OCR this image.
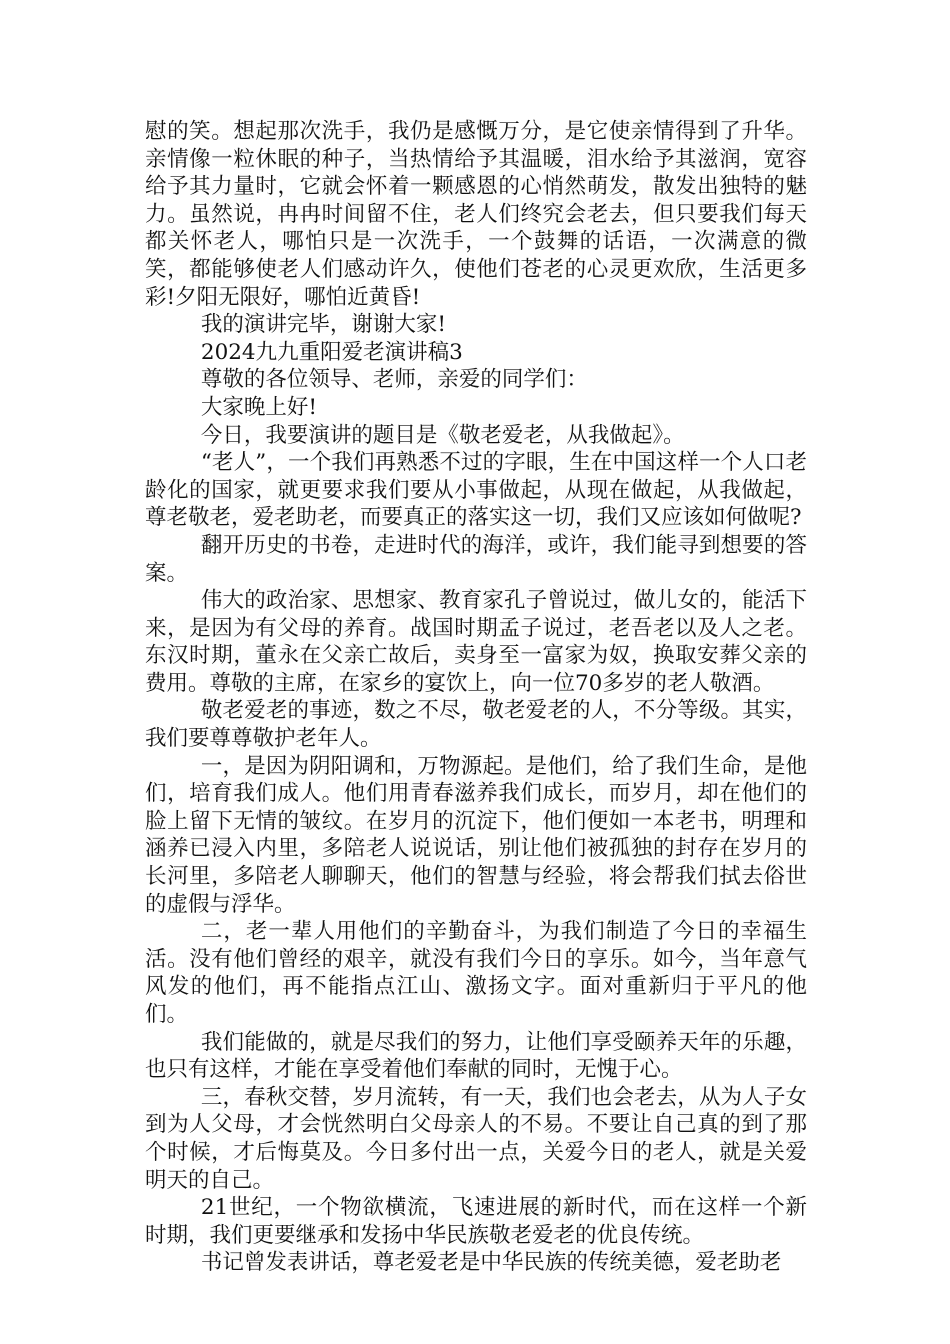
慰的笑。想起那次洗手，我仍是感慨万分，是它使亲情得到了升华。亲情像一粒休眠的种子，当热情给予其温暖，泪水给予其滋润，宽容给予其力量时，它就会怀着一颗感恩的心悄然萌发，散发出独特的魅力。虽然说，冉冉时间留不住，老人们终究会老去，但只要我们每天都关怀老人，哪怕只是一次洗手，一个鼓舞的话语，一次满意的微笑，都能够使老人们感动许久，使他们苍老的心灵更欢欣，生活更多彩!夕阳无限好，哪怕近黄昏!

我的演讲完毕，谢谢大家!

2024九九重阳爱老演讲稿3

尊敬的各位领导、老师，亲爱的同学们：

大家晚上好!

今日，我要演讲的题目是《敬老爱老，从我做起》。

“老人”，一个我们再熟悉不过的字眼，生在中国这样一个人口老龄化的国家，就更要求我们要从小事做起，从现在做起，从我做起，尊老敬老，爱老助老，而要真正的落实这一切，我们又应该如何做呢?

翻开历史的书卷，走进时代的海洋，或许，我们能寻到想要的答案。

伟大的政治家、思想家、教育家孔子曾说过，做儿女的，能活下来，是因为有父母的养育。战国时期孟子说过，老吾老以及人之老。东汉时期，董永在父亲亡故后，卖身至一富家为奴，换取安葬父亲的费用。尊敬的主席，在家乡的宴饮上，向一位70多岁的老人敬酒。

敬老爱老的事迹，数之不尽，敬老爱老的人，不分等级。其实，我们要尊尊敬护老年人。

一，是因为阴阳调和，万物源起。是他们，给了我们生命，是他们，培育我们成人。他们用青春滋养我们成长，而岁月，却在他们的脸上留下无情的皱纹。在岁月的沉淀下，他们便如一本老书，明理和涵养已浸入内里，多陪老人说说话，别让他们被孤独的封存在岁月的长河里，多陪老人聊聊天，他们的智慧与经验，将会帮我们拭去俗世的虚假与浮华。

二，老一辈人用他们的辛勤奋斗，为我们制造了今日的幸福生活。没有他们曾经的艰辛，就没有我们今日的享乐。如今，当年意气风发的他们，再不能指点江山、激扬文字。面对重新归于平凡的他们。

我们能做的，就是尽我们的努力，让他们享受颐养天年的乐趣，也只有这样，才能在享受着他们奉献的同时，无愧于心。

三，春秋交替，岁月流转，有一天，我们也会老去，从为人子女到为人父母，才会恍然明白父母亲人的不易。不要让自己真的到了那个时候，才后悔莫及。今日多付出一点，关爱今日的老人，就是关爱明天的自己。

21世纪，一个物欲横流，飞速进展的新时代，而在这样一个新时期，我们更要继承和发扬中华民族敬老爱老的优良传统。

书记曾发表讲话，尊老爱老是中华民族的传统美德，爱老助老
